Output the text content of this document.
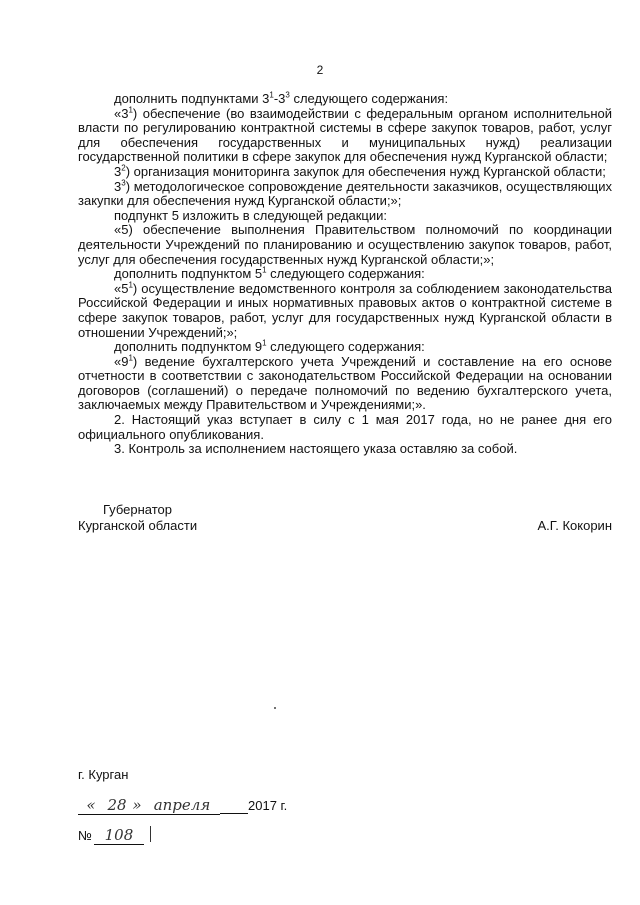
2

дополнить подпунктами $3^1-3^3$ следующего содержания:

«$3^1$) обеспечение (во взаимодействии с федеральным органом исполнительной власти по регулированию контрактной системы в сфере закупок товаров, работ, услуг для обеспечения государственных и муниципальных нужд) реализации государственной политики в сфере закупок для обеспечения нужд Курганской области;

$3^2$) организация мониторинга закупок для обеспечения нужд Курганской области;

$3^3$) методологическое сопровождение деятельности заказчиков, осуществляющих закупки для обеспечения нужд Курганской области;»;

подпункт 5 изложить в следующей редакции:

«5) обеспечение выполнения Правительством полномочий по координации деятельности Учреждений по планированию и осуществлению закупок товаров, работ, услуг для обеспечения государственных нужд Курганской области;»;

дополнить подпунктом $5^1$ следующего содержания:

«$5^1$) осуществление ведомственного контроля за соблюдением законодательства Российской Федерации и иных нормативных правовых актов о контрактной системе в сфере закупок товаров, работ, услуг для государственных нужд Курганской области в отношении Учреждений;»;

дополнить подпунктом $9^1$ следующего содержания:

«$9^1$) ведение бухгалтерского учета Учреждений и составление на его основе отчетности в соответствии с законодательством Российской Федерации на основании договоров (соглашений) о передаче полномочий по ведению бухгалтерского учета, заключаемых между Правительством и Учреждениями;».

2. Настоящий указ вступает в силу с 1 мая 2017 года, но не ранее дня его официального опубликования.

3. Контроль за исполнением настоящего указа оставляю за собой.

Губернатор
Курганской области	А.Г. Кокорин
г. Курган
« 28 » апреля	2017 г.
№ 108
